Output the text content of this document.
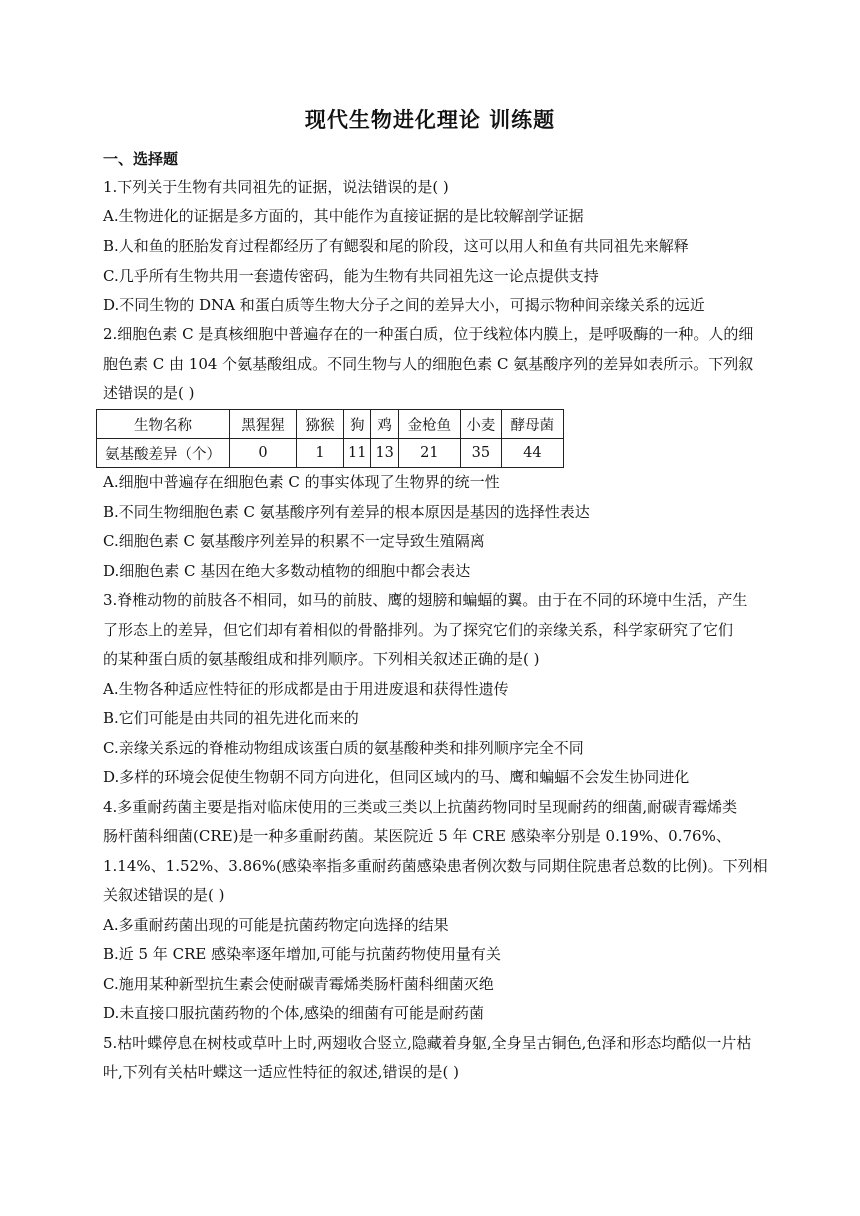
现代生物进化理论 训练题
一、选择题
1.下列关于生物有共同祖先的证据，说法错误的是( )
A.生物进化的证据是多方面的，其中能作为直接证据的是比较解剖学证据
B.人和鱼的胚胎发育过程都经历了有鳃裂和尾的阶段，这可以用人和鱼有共同祖先来解释
C.几乎所有生物共用一套遗传密码，能为生物有共同祖先这一论点提供支持
D.不同生物的 DNA 和蛋白质等生物大分子之间的差异大小，可揭示物种间亲缘关系的远近
2.细胞色素 C 是真核细胞中普遍存在的一种蛋白质，位于线粒体内膜上，是呼吸酶的一种。人的细
胞色素 C 由 104 个氨基酸组成。不同生物与人的细胞色素 C 氨基酸序列的差异如表所示。下列叙
述错误的是( )
生物名称	黑猩猩	猕猴	狗	鸡	金枪鱼	小麦	酵母菌
氨基酸差异（个）	0	1	11	13	21	35	44
A.细胞中普遍存在细胞色素 C 的事实体现了生物界的统一性
B.不同生物细胞色素 C 氨基酸序列有差异的根本原因是基因的选择性表达
C.细胞色素 C 氨基酸序列差异的积累不一定导致生殖隔离
D.细胞色素 C 基因在绝大多数动植物的细胞中都会表达
3.脊椎动物的前肢各不相同，如马的前肢、鹰的翅膀和蝙蝠的翼。由于在不同的环境中生活，产生
了形态上的差异，但它们却有着相似的骨骼排列。为了探究它们的亲缘关系，科学家研究了它们
的某种蛋白质的氨基酸组成和排列顺序。下列相关叙述正确的是( )
A.生物各种适应性特征的形成都是由于用进废退和获得性遗传
B.它们可能是由共同的祖先进化而来的
C.亲缘关系远的脊椎动物组成该蛋白质的氨基酸种类和排列顺序完全不同
D.多样的环境会促使生物朝不同方向进化，但同区域内的马、鹰和蝙蝠不会发生协同进化
4.多重耐药菌主要是指对临床使用的三类或三类以上抗菌药物同时呈现耐药的细菌,耐碳青霉烯类
肠杆菌科细菌(CRE)是一种多重耐药菌。某医院近 5 年 CRE 感染率分别是 0.19%、0.76%、
1.14%、1.52%、3.86%(感染率指多重耐药菌感染患者例次数与同期住院患者总数的比例)。下列相
关叙述错误的是( )
A.多重耐药菌出现的可能是抗菌药物定向选择的结果
B.近 5 年 CRE 感染率逐年增加,可能与抗菌药物使用量有关
C.施用某种新型抗生素会使耐碳青霉烯类肠杆菌科细菌灭绝
D.未直接口服抗菌药物的个体,感染的细菌有可能是耐药菌
5.枯叶蝶停息在树枝或草叶上时,两翅收合竖立,隐藏着身躯,全身呈古铜色,色泽和形态均酷似一片枯
叶,下列有关枯叶蝶这一适应性特征的叙述,错误的是( )
